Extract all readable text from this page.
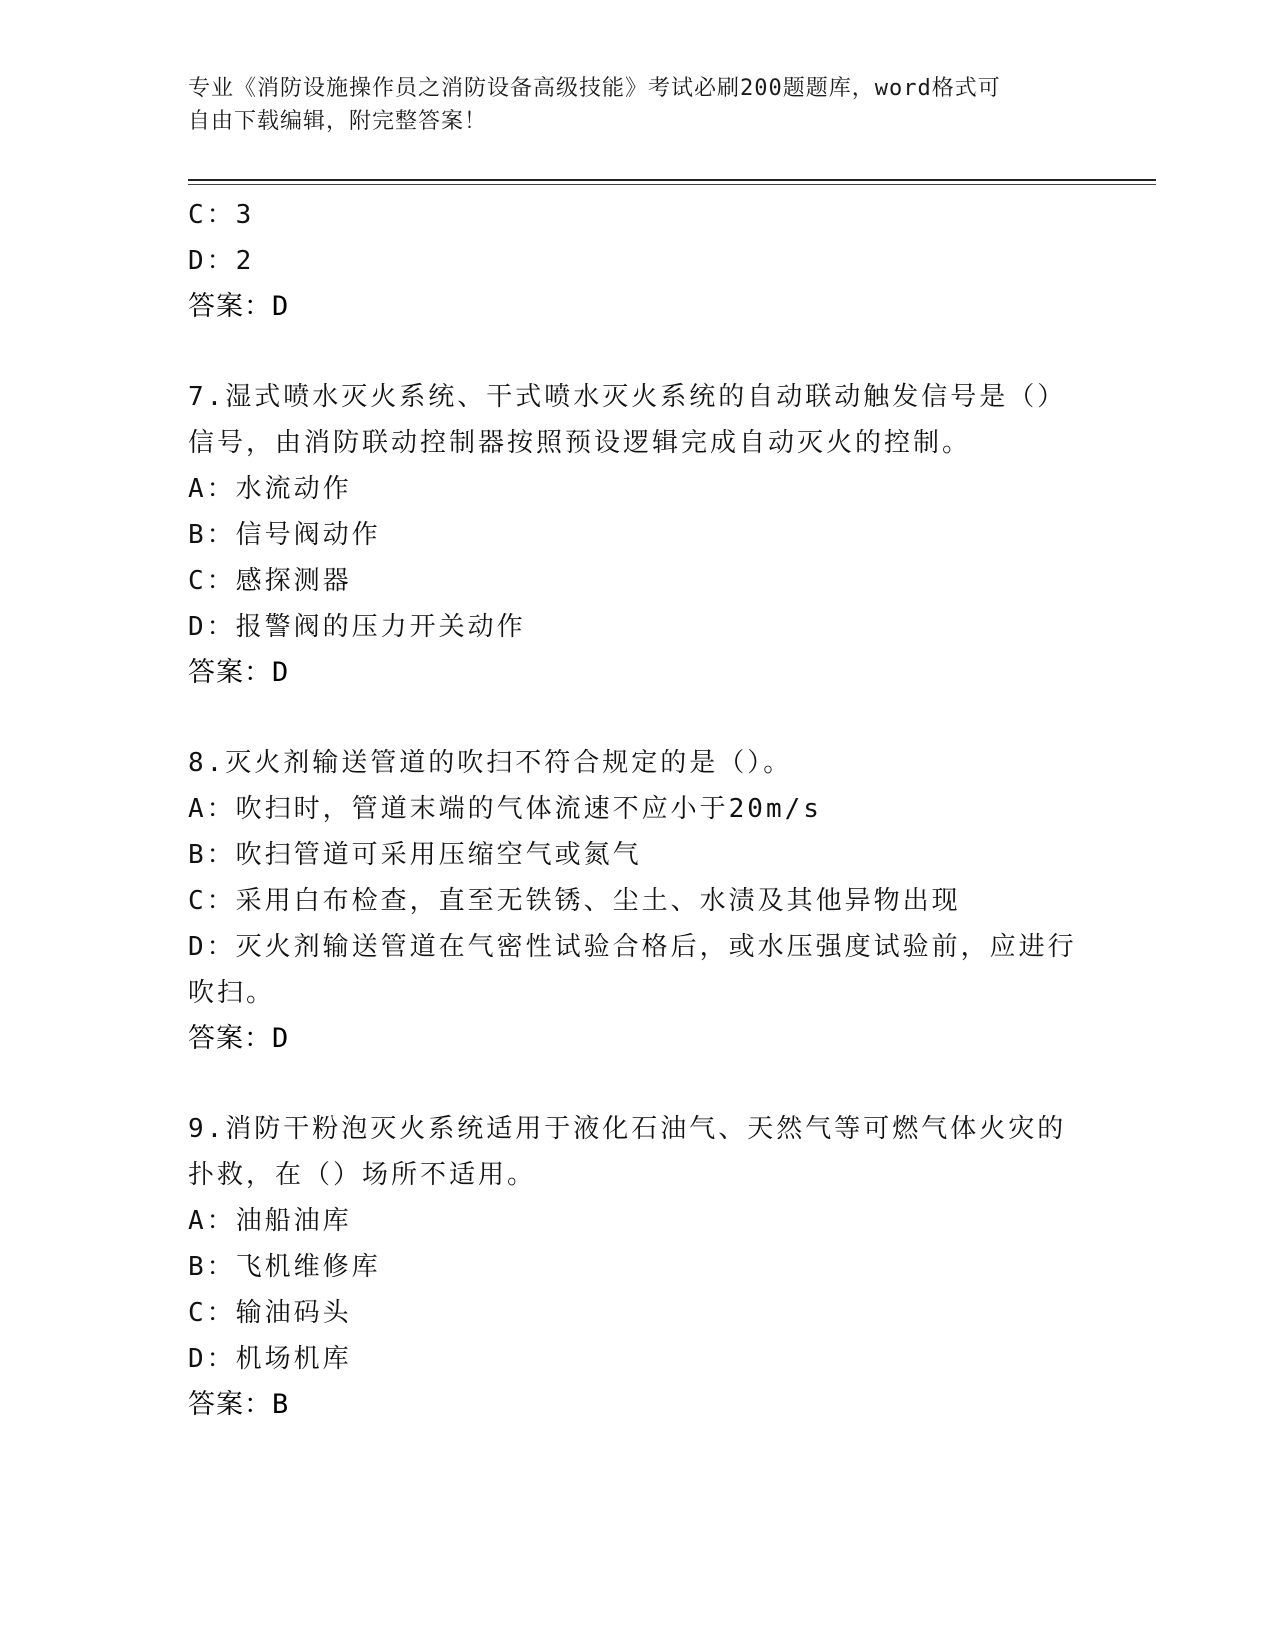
专业《消防设施操作员之消防设备高级技能》考试必刷200题题库，word格式可
自由下载编辑，附完整答案！

C：3

D：2

答案：D

7.湿式喷水灭火系统、干式喷水灭火系统的自动联动触发信号是（）

信号，由消防联动控制器按照预设逻辑完成自动灭火的控制。

A：水流动作

B：信号阀动作

C：感探测器

D：报警阀的压力开关动作

答案：D

8.灭火剂输送管道的吹扫不符合规定的是（）。

A：吹扫时，管道末端的气体流速不应小于20m/s

B：吹扫管道可采用压缩空气或氮气

C：采用白布检查，直至无铁锈、尘土、水渍及其他异物出现

D：灭火剂输送管道在气密性试验合格后，或水压强度试验前，应进行

吹扫。

答案：D

9.消防干粉泡灭火系统适用于液化石油气、天然气等可燃气体火灾的

扑救，在（）场所不适用。

A：油船油库

B：飞机维修库

C：输油码头

D：机场机库

答案：B
